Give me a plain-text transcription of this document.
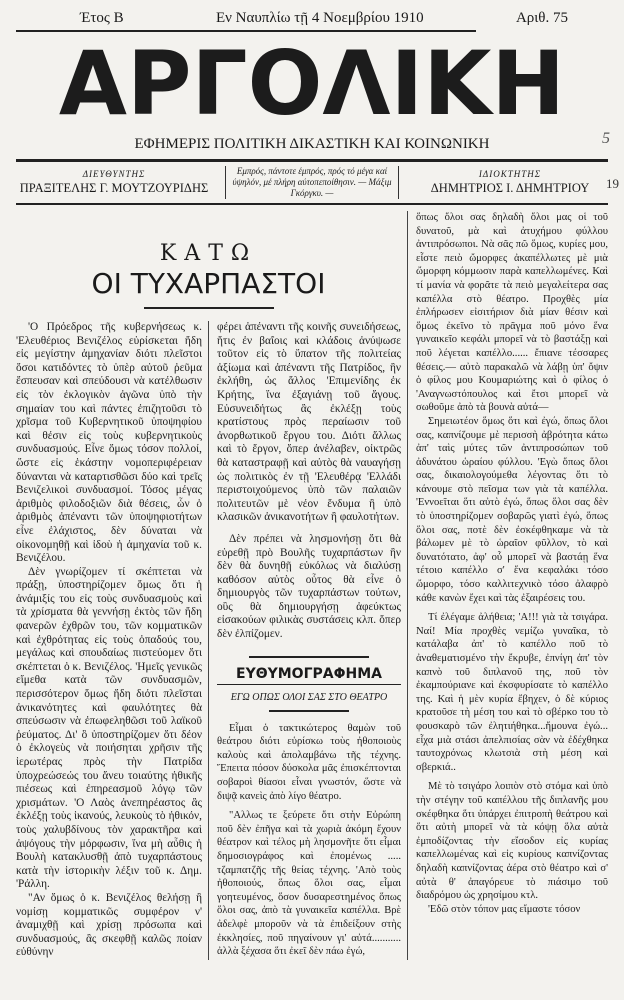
Έτος Β	Εν Ναυπλίω τῇ 4 Νοεμβρίου 1910	Αριθ. 75
ΑΡΓΟΛΙΚΗ
ΕΦΗΜΕΡΙΣ ΠΟΛΙΤΙΚΗ ΔΙΚΑΣΤΙΚΗ ΚΑΙ ΚΟΙΝΩΝΙΚΗ
ΔΙΕΥΘΥΝΤΗΣ
ΠΡΑΞΙΤΕΛΗΣ Γ. ΜΟΥΤΖΟΥΡΙΔΗΣ
Εμπρός, πάντοτε έμπρός, πρός τό μέγα καί ύψηλόν, μέ πλήρη αύτοπεποίθησιν. — Μάξιμ Γκόργκυ. —
ΙΔΙΟΚΤΗΤΗΣ
ΔΗΜΗΤΡΙΟΣ Ι. ΔΗΜΗΤΡΙΟΥ
ΚΑΤΩ
ΟΙ ΤΥΧΑΡΠΑΣΤΟΙ

'Ο Πρόεδρος τῆς κυβερνήσεως κ. 'Ελευθέριος Βενιζέλος εὑρίσκεται ἤδη εἰς μεγίστην ἀμηχανίαν διότι πλεῖστοι ὅσοι κατιδόντες τὸ ὑπὲρ αὐτοῦ ῥεῦμα ἔσπευσαν καὶ σπεύδουσι νὰ κατέλθωσιν εἰς τὸν ἐκλογικὸν ἀγῶνα ὑπὸ τὴν σημαίαν του καὶ πάντες ἐπιζητοῦσι τὸ χρῖσμα τοῦ Κυβερνητικοῦ ὑποψηφίου καὶ θέσιν εἰς τοὺς κυβερνητικοὺς συνδυασμούς. Εἶνε ὅμως τόσον πολλοί, ὥστε εἰς ἑκάστην νομοπεριφέρειαν δύνανται νὰ καταρτισθῶσι δύο καὶ τρεῖς Βενιζελικοὶ συνδυασμοί. Τόσος μέγας ἀριθμὸς φιλοδοξιῶν διὰ θέσεις, ὧν ὁ ἀριθμὸς ἀπέναντι τῶν ὑποψηφιοτήτων εἶνε ἐλάχιστος, δὲν δύναται νὰ οἰκονομηθῇ καὶ ἰδοὺ ἡ ἀμηχανία τοῦ κ. Βενιζέλου.

Δὲν γνωρίζομεν τί σκέπτεται νὰ πράξῃ, ὑποστηρίζομεν ὅμως ὅτι ἡ ἀνάμιξίς του εἰς τοὺς συνδυασμοὺς καὶ τὰ χρίσματα θὰ γεννήσῃ ἐκτὸς τῶν ἤδη φανερῶν ἐχθρῶν του, τῶν κομματικῶν καὶ ἐχθρότητας εἰς τοὺς ὀπαδούς του, μεγάλως καὶ σπουδαίως πιστεύομεν ὅτι σκέπτεται ὁ κ. Βενιζέλος. 'Ημεῖς γενικῶς εἴμεθα κατὰ τῶν συνδυασμῶν, περισσότερον ὅμως ἤδη διότι πλεῖσται ἀνικανότητες καὶ φαυλότητες θὰ σπεύσωσιν νὰ ἐπωφεληθῶσι τοῦ λαϊκοῦ ῥεύματος. Δι' ὃ ὑποστηρίζομεν ὅτι δέον ὁ ἐκλογεὺς νὰ ποιήσηται χρῆσιν τῆς ἱερωτέρας πρὸς τὴν Πατρίδα ὑποχρεώσεώς του ἄνευ τοιαύτης ἠθικῆς πιέσεως καὶ ἐπηρεασμοῦ λόγῳ τῶν χρισμάτων. 'Ο Λαὸς ἀνεπηρέαστος ἂς ἐκλέξῃ τοὺς ἱκανούς, λευκοὺς τὸ ἠθικόν, τοὺς χαλυβδίνους τὸν χαρακτῆρα καὶ ἀψόγους τὴν μόρφωσιν, ἵνα μὴ αὖθις ἡ Βουλὴ κατακλυσθῇ ἀπὸ τυχαρπάστους κατὰ τὴν ἱστορικὴν λέξιν τοῦ κ. Δημ. 'Ράλλη.

"Αν ὅμως ὁ κ. Βενιζέλος θελήσῃ ἢ νομίσῃ κομματικῶς συμφέρον ν' ἀναμιχθῇ καὶ χρίσῃ πρόσωπα καὶ συνδυασμούς, ἂς σκεφθῇ καλῶς ποίαν εὐθύνην

φέρει ἀπέναντι τῆς κοινῆς συνειδήσεως, ἥτις ἐν βαΐοις καὶ κλάδοις ἀνύψωσε τοῦτον εἰς τὸ ὕπατον τῆς πολιτείας ἀξίωμα καὶ ἀπέναντι τῆς Πατρίδος, ἣν ἐκλήθη, ὡς ἄλλος 'Επιμενίδης ἐκ Κρήτης, ἵνα ἐξαγιάνῃ τοῦ ἄγους. Εὐσυνειδήτως ἂς ἐκλέξῃ τοὺς κρατίστους πρὸς περαίωσιν τοῦ ἀνορθωτικοῦ ἔργου του. Διότι ἄλλως καὶ τὸ ἔργον, ὅπερ ἀνέλαβεν, οἰκτρῶς θὰ καταστραφῇ καὶ αὐτὸς θὰ ναυαγήσῃ ὡς πολιτικὸς ἐν τῇ 'Ελευθέρᾳ 'Ελλάδι περιστοιχούμενος ὑπὸ τῶν παλαιῶν πολιτευτῶν μὲ νέον ἔνδυμα ἢ ὑπὸ κλασικῶν ἀνικανοτήτων ἢ φαυλοτήτων.

Δὲν πρέπει νὰ λησμονήσῃ ὅτι θὰ εὑρεθῇ πρὸ Βουλῆς τυχαρπάστων ἣν δὲν θὰ δυνηθῇ εὐκόλως νὰ διαλύσῃ καθόσον αὐτὸς οὗτος θὰ εἶνε ὁ δημιουργὸς τῶν τυχαρπάστων τούτων, οὓς θὰ δημιουργήσῃ ἀφεύκτως εἰσακούων φιλικὰς συστάσεις κλπ. ὅπερ δὲν ἐλπίζομεν.

ΕΥΘΥΜΟΓΡΑΦΗΜΑ
ΕΓΩ ΟΠΩΣ ΟΛΟΙ ΣΑΣ ΣΤΟ ΘΕΑΤΡΟ

Εἶμαι ὁ τακτικώτερος θαμὼν τοῦ θεάτρου διότι εὑρίσκω τοὺς ἠθοποιοὺς καλοὺς καὶ ἀπολαμβάνω τῆς τέχνης. Ἔπειτα πόσον δύσκολα μᾶς ἐπισκέπτονται σοβαροὶ θίασοι εἶναι γνωστόν, ὥστε νὰ διψᾷ κανεὶς ἀπὸ λίγο θέατρο.

"Αλλως τε ξεύρετε ὅτι στὴν Εὐρώπη ποῦ δὲν ἐπῆγα καὶ τὰ χωριὰ ἀκόμη ἔχουν θέατρον καὶ τέλος μὴ λησμονῆτε ὅτι εἶμαι δημοσιογράφος καὶ ἐπομένως ..... τζαμπατζῆς τῆς θείας τέχνης. 'Απὸ τοὺς ἠθοποιούς, ὅπως ὅλοι σας, εἶμαι γοητευμένος, ὅσον δυσαρεστημένος ὅπως ὅλοι σας, ἀπὸ τὰ γυναικεῖα καπέλλα. Βρὲ ἀδελφὲ μποροῦν νὰ τὰ ἐπιδείξουν στὴς ἐκκλησίες, ποῦ πηγαίνουν γι' αὐτά........... ἀλλὰ ξέχασα ὅτι ἐκεῖ δὲν πάω ἐγώ,

ὅπως ὅλοι σας δηλαδὴ ὅλοι μας οἱ τοῦ δυνατοῦ, μὰ καὶ ἀτυχήμου φύλλου ἀντιπρόσωποι. Νὰ σᾶς πῶ ὅμως, κυρίες μου, εἶστε πειὸ ὤμορφες ἀκαπέλλωτες μὲ μιὰ ὤμορφη κόμμωσιν παρὰ καπελλωμένες. Καὶ τί μανία νὰ φορᾶτε τὰ πειὸ μεγαλείτερα σας καπέλλα στὸ θέατρο. Προχθὲς μία ἐπλήρωσεν εἰσιτήριον διὰ μίαν θέσιν καὶ ὅμως ἐκεῖνο τὸ πρᾶγμα ποῦ μόνο ἕνα γυναικεῖο κεφάλι μπορεῖ νὰ τὸ βαστάξῃ καὶ ποῦ λέγεται καπέλλο...... ἔπιανε τέσσαρες θέσεις.— αὐτὸ παρακαλῶ νὰ λάβῃ ὑπ' ὄψιν ὁ φίλος μου Κουμαριώτης καὶ ὁ φίλος ὁ 'Αναγνωστόπουλος καὶ ἔτσι μπορεῖ νὰ σωθοῦμε ἀπὸ τὰ βουνὰ αὐτά—

Σημειωτέον ὅμως ὅτι καὶ ἐγώ, ὅπως ὅλοι σας, καπνίζουμε μὲ περισσὴ ἀβρότητα κάτω ἀπ' ταὶς μύτες τῶν ἀντιπροσώπων τοῦ ἀδυνάτου ὡραίου φύλλου. 'Εγὼ ὅπως ὅλοι σας, δικαιολογούμεθα λέγοντας ὅτι τὸ κάνουμε στὸ πεῖσμα των γιὰ τὰ καπέλλα. 'Εννοεῖται ὅτι αὐτὸ ἐγώ, ὅπως ὅλοι σας δὲν τὸ ὑποστηρίζομεν σοβαρῶς γιατὶ ἐγώ, ὅπως ὅλοι σας, ποτὲ δὲν ἐσκέφθηκαμε νὰ τὰ βάλωμεν μὲ τὸ ὡραῖον φῦλλον, τὸ καὶ δυνατότατο, ἀφ' οὗ μπορεῖ νὰ βαστάῃ ἕνα τέτοιο καπέλλο σ' ἕνα κεφαλάκι τόσο ὤμορφο, τόσο καλλιτεχνικὸ τόσο ἀλαφρὸ κάθε κανὼν ἔχει καὶ τὰς ἐξαιρέσεις του.

Τί ἐλέγαμε ἀλήθεια; 'Α!!! γιὰ τὰ τσιγάρα. Ναί! Μία προχθὲς νεμίζω γυναῖκα, τὸ κατάλαβα ἀπ' τὸ καπέλλο ποῦ τὸ ἀναθεματισμένο τὴν ἔκρυβε, ἐπνίγη ἀπ' τὸν καπνὸ τοῦ διπλανοῦ της, ποῦ τὸν ἐκαμπούριανε καὶ ἐκσφυρίσατε τὸ καπέλλο της. Καὶ ἡ μὲν κυρία ἔβηχεν, ὁ δὲ κύριος κρατοῦσε τὴ μέση του καὶ τὸ σβέρκο του τὸ φουσκαρὸ τῶν ἐλητιήθηκα...ἤμουνα ἐγώ... εἶχα μιὰ στάσι ἀπελπισίας σὰν νὰ ἐδέχθηκα ταυτοχρόνως κλωτσιὰ στὴ μέση καὶ σβερκιά..

Μὲ τὸ τσιγάρο λοιπὸν στὸ στόμα καὶ ὑπὸ τὴν στέγην τοῦ καπέλλου τῆς διπλανῆς μου σκέφθηκα ὅτι ὑπάρχει ἐπιτροπὴ θεάτρου καὶ ὅτι αὐτὴ μπορεῖ νὰ τὰ κόψῃ ὅλα αὐτὰ ἐμποδίζοντας τὴν εἴσοδον εἰς κυρίας καπελλωμένας καὶ εἰς κυρίους καπνίζοντας δηλαδὴ καπνίζοντας ἀέρα στὸ θέατρο καὶ σ' αὐτὰ θ' ἀπαγόρευε τὸ πιάσιμο τοῦ διαδρόμου ὡς χρησίμου κτλ.

'Εδῶ στὸν τόπον μας εἴμαστε τόσον

5
19
